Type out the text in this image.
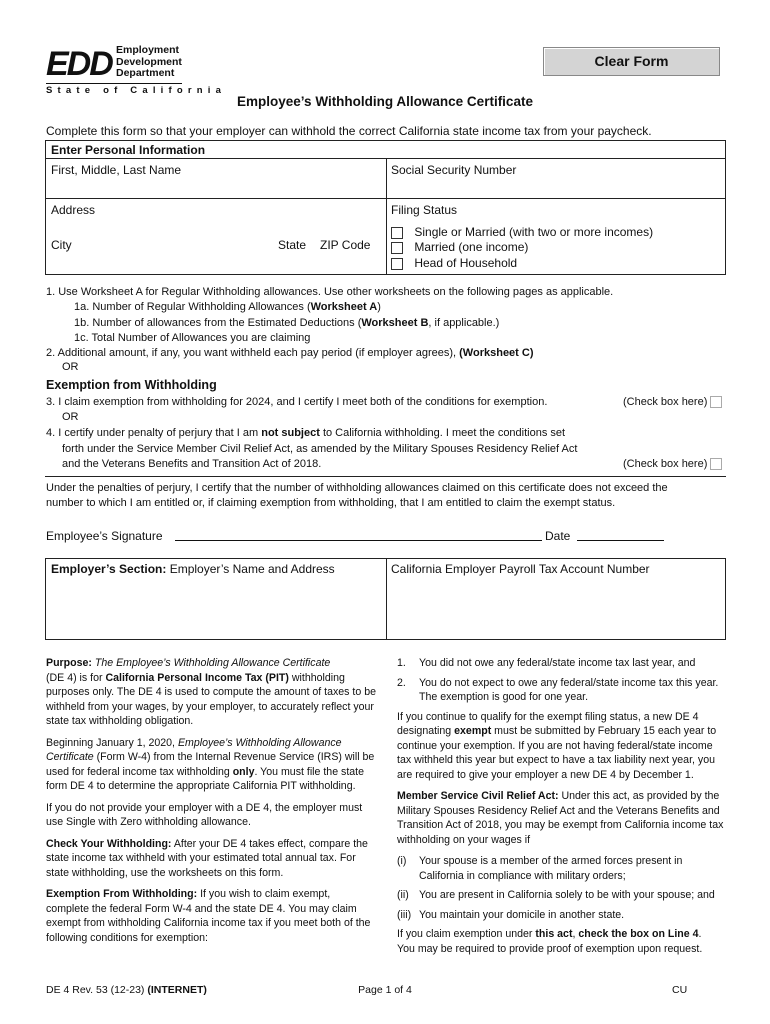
EDD Employment
Development
Department
State of California
Clear Form
Employee’s Withholding Allowance Certificate
Complete this form so that your employer can withhold the correct California state income tax from your paycheck.
Enter Personal Information
First, Middle, Last Name	Social Security Number
Address	Filing Status
City	State ZIP Code
Single or Married (with two or more incomes)
Married (one income)
Head of Household
1. Use Worksheet A for Regular Withholding allowances. Use other worksheets on the following pages as applicable.
1a. Number of Regular Withholding Allowances (Worksheet A)
1b. Number of allowances from the Estimated Deductions (Worksheet B, if applicable.)
1c. Total Number of Allowances you are claiming
2. Additional amount, if any, you want withheld each pay period (if employer agrees), (Worksheet C)
OR
Exemption from Withholding
3. I claim exemption from withholding for 2024, and I certify I meet both of the conditions for exemption.	(Check box here)
OR
4. I certify under penalty of perjury that I am not subject to California withholding. I meet the conditions set
forth under the Service Member Civil Relief Act, as amended by the Military Spouses Residency Relief Act
and the Veterans Benefits and Transition Act of 2018.	(Check box here)
Under the penalties of perjury, I certify that the number of withholding allowances claimed on this certificate does not exceed the
number to which I am entitled or, if claiming exemption from withholding, that I am entitled to claim the exempt status.
Employee’s Signature	Date
Employer’s Section: Employer’s Name and Address	California Employer Payroll Tax Account Number

Purpose: The Employee’s Withholding Allowance Certificate
(DE 4) is for California Personal Income Tax (PIT) withholding purposes only. The DE 4 is used to compute the amount of taxes to be withheld from your wages, by your employer, to accurately reflect your state tax withholding obligation.

Beginning January 1, 2020, Employee’s Withholding Allowance Certificate (Form W-4) from the Internal Revenue Service (IRS) will be used for federal income tax withholding only. You must file the state form DE 4 to determine the appropriate California PIT withholding.

If you do not provide your employer with a DE 4, the employer must use Single with Zero withholding allowance.

Check Your Withholding: After your DE 4 takes effect, compare the state income tax withheld with your estimated total annual tax. For state withholding, use the worksheets on this form.

Exemption From Withholding: If you wish to claim exempt, complete the federal Form W-4 and the state DE 4. You may claim exempt from withholding California income tax if you meet both of the following conditions for exemption:

1.	You did not owe any federal/state income tax last year, and
2.	You do not expect to owe any federal/state income tax this year. The exemption is good for one year.

If you continue to qualify for the exempt filing status, a new DE 4 designating exempt must be submitted by February 15 each year to continue your exemption. If you are not having federal/state income tax withheld this year but expect to have a tax liability next year, you are required to give your employer a new DE 4 by December 1.

Member Service Civil Relief Act: Under this act, as provided by the Military Spouses Residency Relief Act and the Veterans Benefits and Transition Act of 2018, you may be exempt from California income tax withholding on your wages if

(i)	Your spouse is a member of the armed forces present in California in compliance with military orders;
(ii) You are present in California solely to be with your spouse; and
(iii) You maintain your domicile in another state.

If you claim exemption under this act, check the box on Line 4.
You may be required to provide proof of exemption upon request.

DE 4 Rev. 53 (12-23) (INTERNET)	Page 1 of 4	CU
